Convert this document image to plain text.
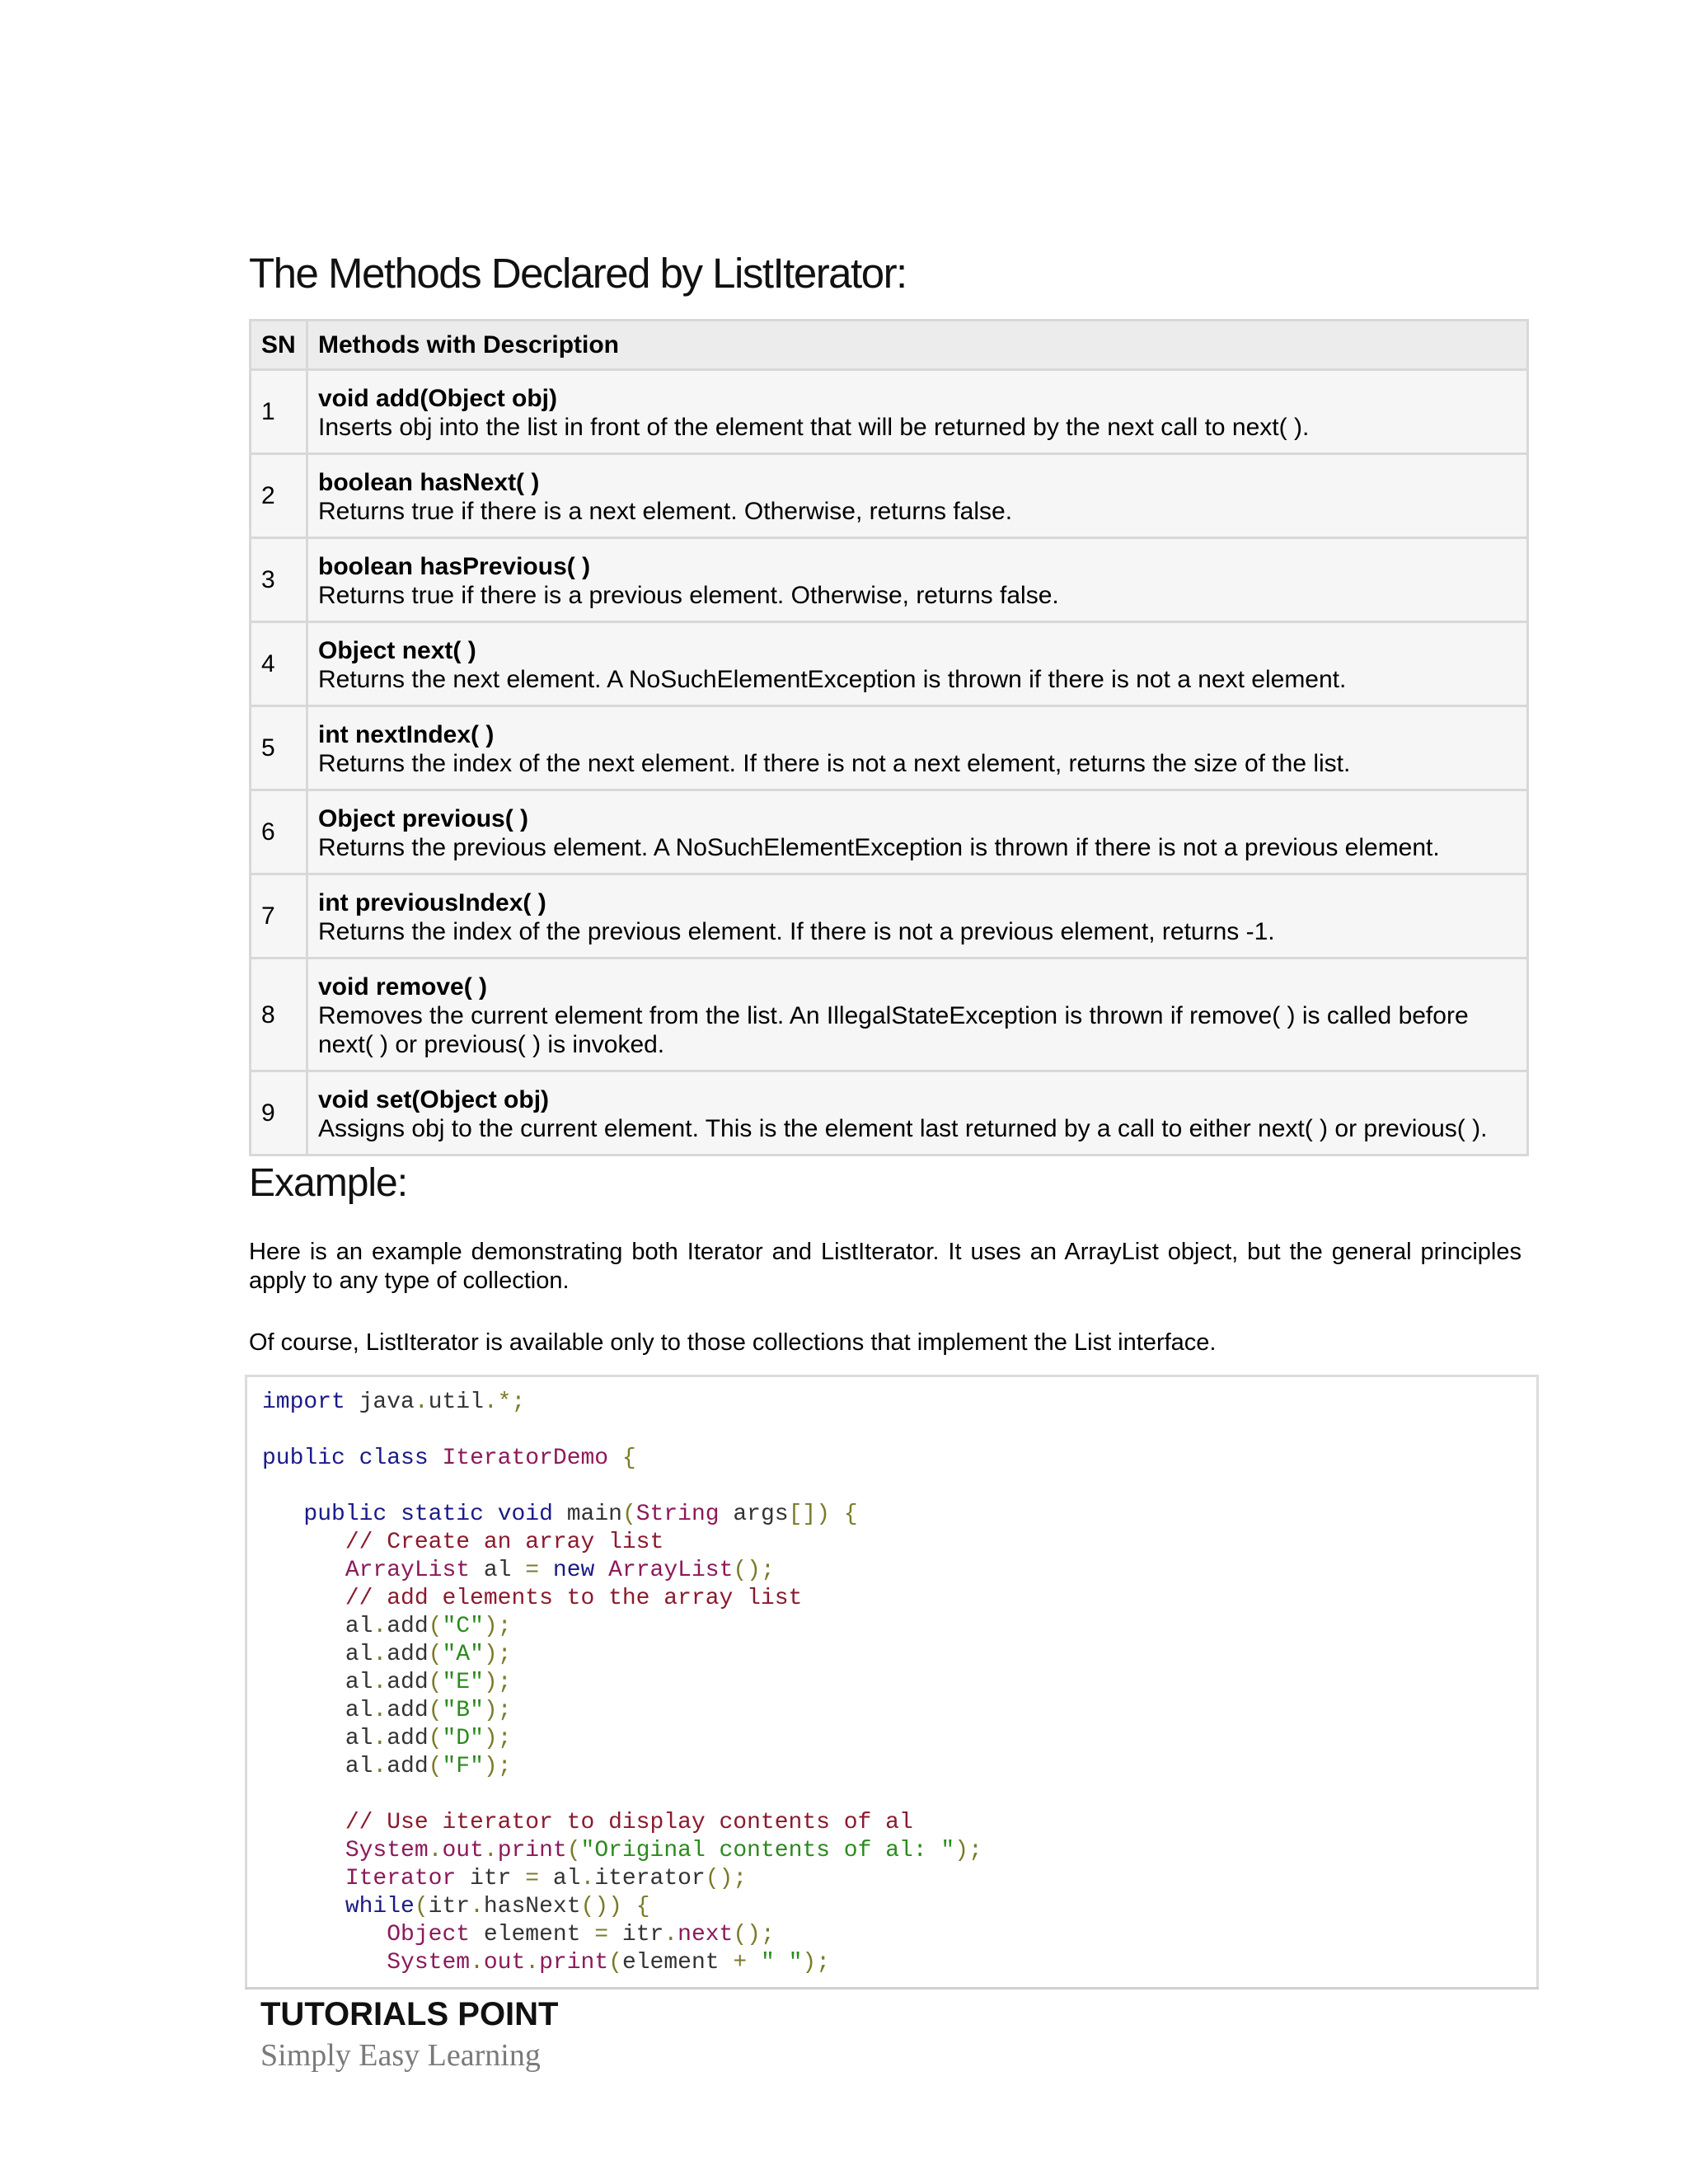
The Methods Declared by ListIterator:
SN	Methods with Description
1	void add(Object obj)
Inserts obj into the list in front of the element that will be returned by the next call to next( ).

2	boolean hasNext( )
Returns true if there is a next element. Otherwise, returns false.

3	boolean hasPrevious( )
Returns true if there is a previous element. Otherwise, returns false.

4	Object next( )
Returns the next element. A NoSuchElementException is thrown if there is not a next element.

5	int nextIndex( )
Returns the index of the next element. If there is not a next element, returns the size of the list.

6	Object previous( )
Returns the previous element. A NoSuchElementException is thrown if there is not a previous element.

7	int previousIndex( )
Returns the index of the previous element. If there is not a previous element, returns -1.

8	void remove( )
Removes the current element from the list. An IllegalStateException is thrown if remove( ) is called before next( ) or previous( ) is invoked.

9	void set(Object obj)
Assigns obj to the current element. This is the element last returned by a call to either next( ) or previous( ).
Example:

Here is an example demonstrating both Iterator and ListIterator. It uses an ArrayList object, but the general principles apply to any type of collection.

Of course, ListIterator is available only to those collections that implement the List interface.

import java.util.*;
public class IteratorDemo {
public static void main(String args[]) {
// Create an array list
ArrayList al = new ArrayList();
// add elements to the array list
al.add("C");
al.add("A");
al.add("E");
al.add("B");
al.add("D");
al.add("F");
// Use iterator to display contents of al
System.out.print("Original contents of al: ");
Iterator itr = al.iterator();
while(itr.hasNext()) {
Object element = itr.next();
System.out.print(element + " ");
TUTORIALS POINT
Simply Easy Learning
